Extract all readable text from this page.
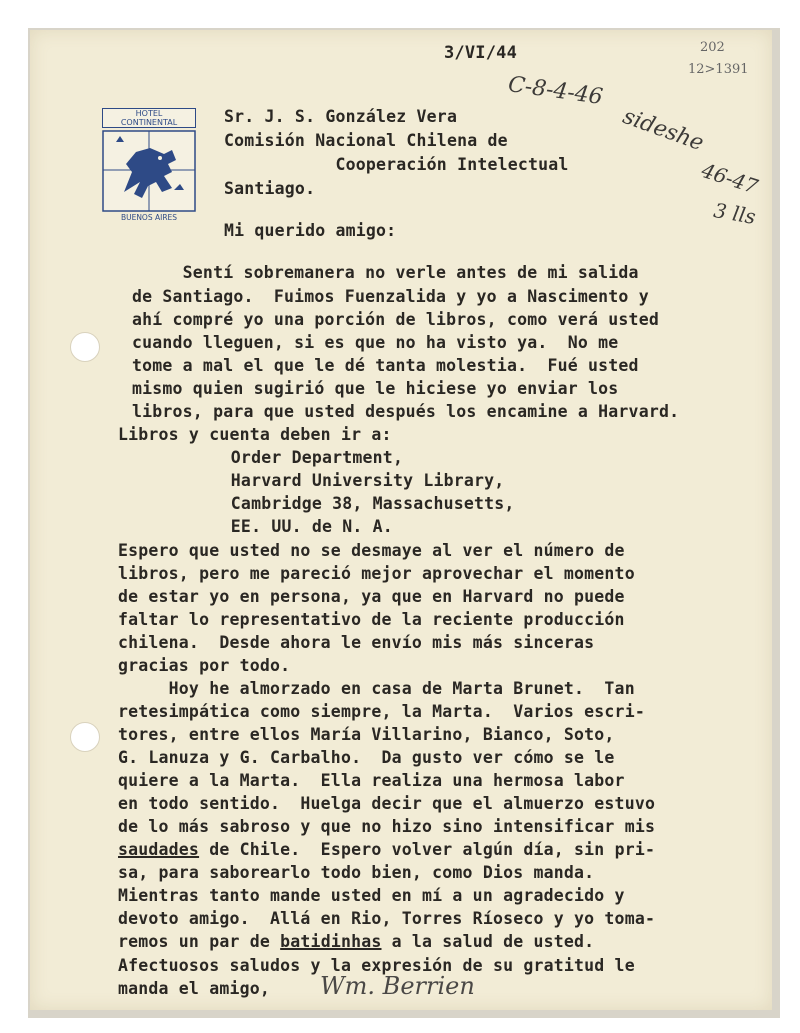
HOTEL
CONTINENTAL
BUENOS AIRES
3/VI/44	202
12>1391
C-8-4-46
sideshe
46-47
3 lls
Sr. J. S. González Vera
Comisión Nacional Chilena de
Cooperación Intelectual
Santiago.
Mi querido amigo:
Sentí sobremanera no verle antes de mi salida
de Santiago.  Fuimos Fuenzalida y yo a Nascimento y
ahí compré yo una porción de libros, como verá usted
cuando lleguen, si es que no ha visto ya.  No me
tome a mal el que le dé tanta molestia.  Fué usted
mismo quien sugirió que le hiciese yo enviar los
libros, para que usted después los encamine a Harvard.
Libros y cuenta deben ir a:
Order Department,
Harvard University Library,
Cambridge 38, Massachusetts,
EE. UU. de N. A.
Espero que usted no se desmaye al ver el número de
libros, pero me pareció mejor aprovechar el momento
de estar yo en persona, ya que en Harvard no puede
faltar lo representativo de la reciente producción
chilena.  Desde ahora le envío mis más sinceras
gracias por todo.
Hoy he almorzado en casa de Marta Brunet.  Tan
retesimpática como siempre, la Marta.  Varios escri-
tores, entre ellos María Villarino, Bianco, Soto,
G. Lanuza y G. Carbalho.  Da gusto ver cómo se le
quiere a la Marta.  Ella realiza una hermosa labor
en todo sentido.  Huelga decir que el almuerzo estuvo
de lo más sabroso y que no hizo sino intensificar mis
saudades de Chile.  Espero volver algún día, sin pri-
sa, para saborearlo todo bien, como Dios manda.
Mientras tanto mande usted en mí a un agradecido y
devoto amigo.  Allá en Rio, Torres Ríoseco y yo toma-
remos un par de batidinhas a la salud de usted.
Afectuosos saludos y la expresión de su gratitud le
manda el amigo, Wm. Berrien
